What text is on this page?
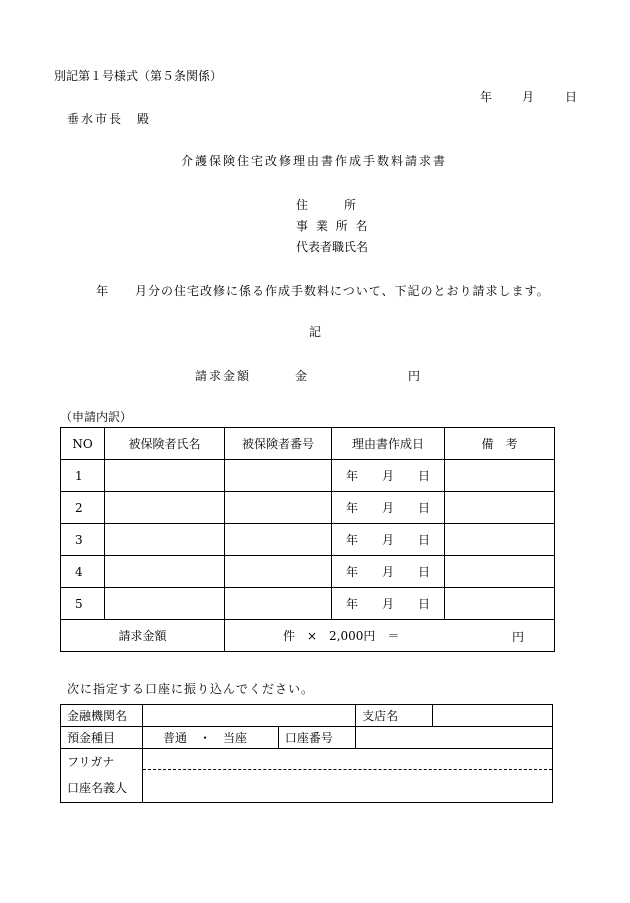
別記第１号様式（第５条関係）
年 月	日
垂水市長　殿
介護保険住宅改修理由書作成手数料請求書
住　　　所
事 業 所 名
代表者職氏名
年　　月分の住宅改修に係る作成手数料について、下記のとおり請求します。
記
請求金額	金	円
（申請内訳）
NO	被保険者氏名	被保険者番号	理由書作成日	備　考
1			年　　月　　日	
2			年　　月　　日	
3			年　　月　　日	
4			年　　月　　日	
5			年　　月　　日	
請求金額		件　×　2,000円　＝ 円		
次に指定する口座に振り込んでください。
金融機関名			支店名	
預金種目	普通　・　当座	口座番号		

フリガナ
口座名義人				
